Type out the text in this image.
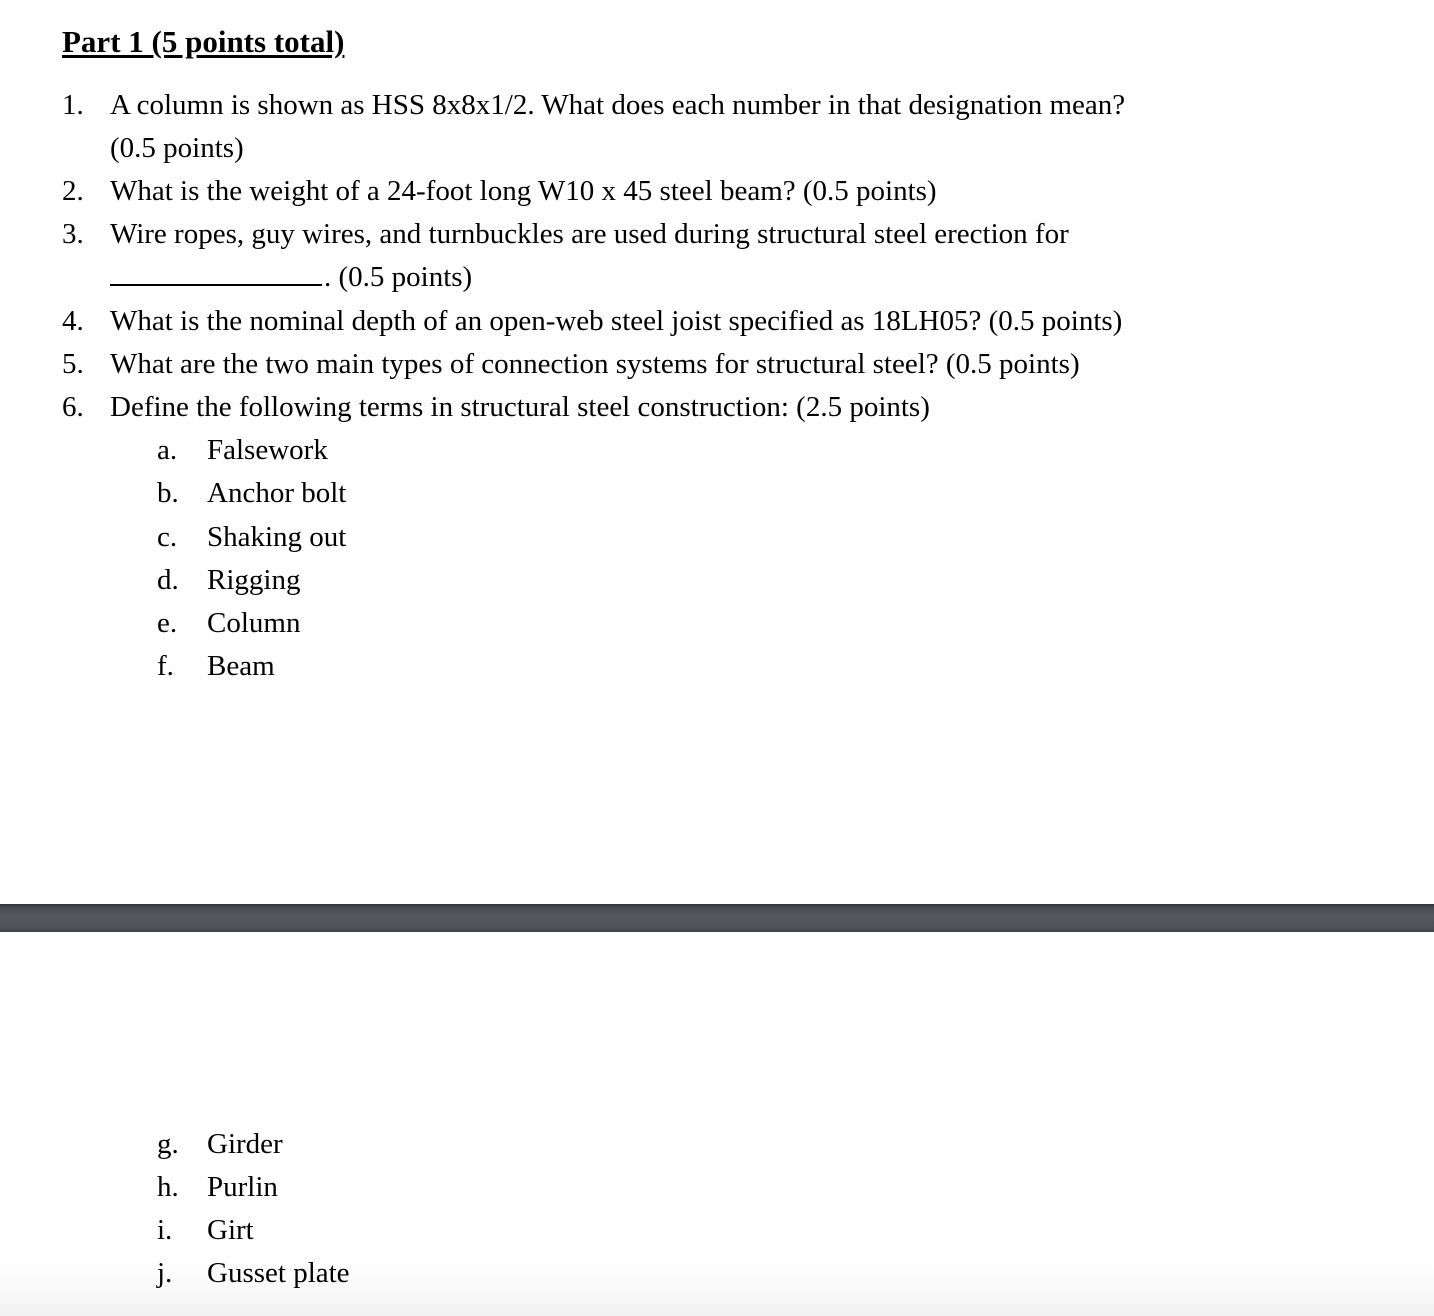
Part 1 (5 points total)
1. A column is shown as HSS 8x8x1/2. What does each number in that designation mean?
(0.5 points)
2. What is the weight of a 24-foot long W10 x 45 steel beam? (0.5 points)
3. Wire ropes, guy wires, and turnbuckles are used during structural steel erection for
. (0.5 points)
4. What is the nominal depth of an open-web steel joist specified as 18LH05? (0.5 points)
5. What are the two main types of connection systems for structural steel? (0.5 points)
6. Define the following terms in structural steel construction: (2.5 points)
a. Falsework
b. Anchor bolt
c. Shaking out
d. Rigging
e. Column
f. Beam
g. Girder
h. Purlin
i. Girt
j. Gusset plate
